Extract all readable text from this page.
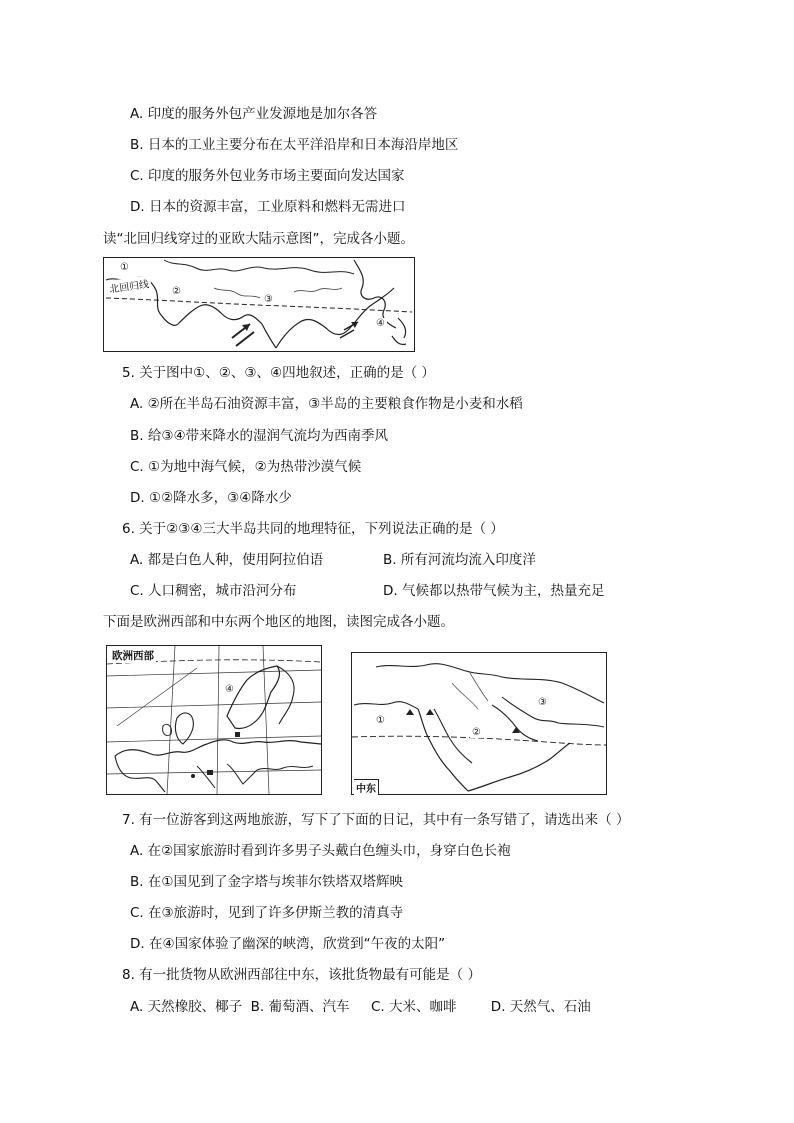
A. 印度的服务外包产业发源地是加尔各答
B. 日本的工业主要分布在太平洋沿岸和日本海沿岸地区
C. 印度的服务外包业务市场主要面向发达国家
D. 日本的资源丰富，工业原料和燃料无需进口
读“北回归线穿过的亚欧大陆示意图”，完成各小题。
北回归线
①
②
③
④
5. 关于图中①、②、③、④四地叙述，正确的是（ ）
A. ②所在半岛石油资源丰富，③半岛的主要粮食作物是小麦和水稻
B. 给③④带来降水的湿润气流均为西南季风
C. ①为地中海气候，②为热带沙漠气候
D. ①②降水多，③④降水少
6. 关于②③④三大半岛共同的地理特征，下列说法正确的是（ ）
A. 都是白色人种，使用阿拉伯语	B. 所有河流均流入印度洋
C. 人口稠密，城市沿河分布	D. 气候都以热带气候为主，热量充足
下面是欧洲西部和中东两个地区的地图，读图完成各小题。
欧洲西部
④
①
②
③
中东
7. 有一位游客到这两地旅游，写下了下面的日记，其中有一条写错了，请选出来（ ）
A. 在②国家旅游时看到许多男子头戴白色缠头巾，身穿白色长袍
B. 在①国见到了金字塔与埃菲尔铁塔双塔辉映
C. 在③旅游时，见到了许多伊斯兰教的清真寺
D. 在④国家体验了幽深的峡湾，欣赏到“午夜的太阳”
8. 有一批货物从欧洲西部往中东，该批货物最有可能是（ ）
A. 天然橡胶、椰子  B. 葡萄酒、汽车     C. 大米、咖啡        D. 天然气、石油
